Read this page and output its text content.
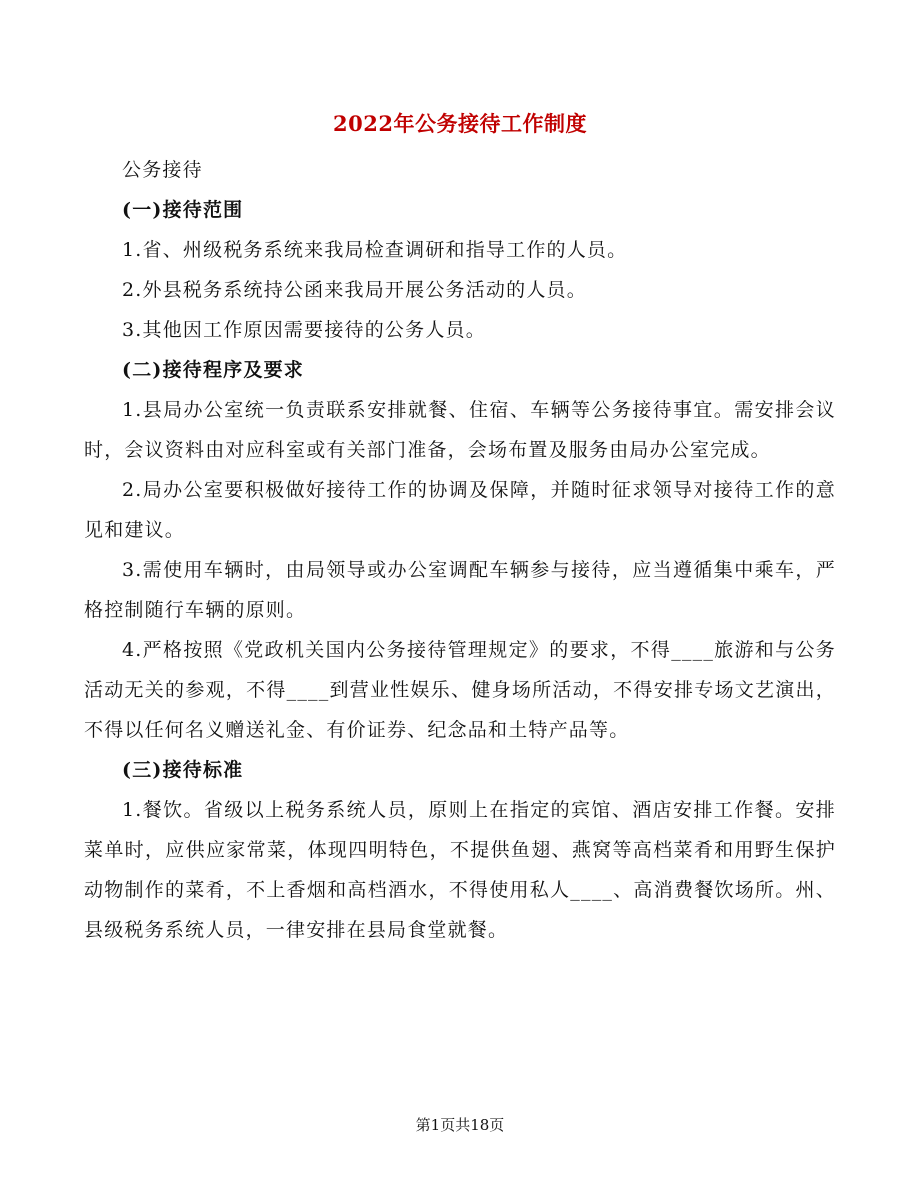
2022年公务接待工作制度

公务接待

(一)接待范围

1.省、州级税务系统来我局检查调研和指导工作的人员。

2.外县税务系统持公函来我局开展公务活动的人员。

3.其他因工作原因需要接待的公务人员。

(二)接待程序及要求

1.县局办公室统一负责联系安排就餐、住宿、车辆等公务接待事宜。需安排会议时，会议资料由对应科室或有关部门准备，会场布置及服务由局办公室完成。

2.局办公室要积极做好接待工作的协调及保障，并随时征求领导对接待工作的意见和建议。

3.需使用车辆时，由局领导或办公室调配车辆参与接待，应当遵循集中乘车，严格控制随行车辆的原则。

4.严格按照《党政机关国内公务接待管理规定》的要求，不得____旅游和与公务活动无关的参观，不得____到营业性娱乐、健身场所活动，不得安排专场文艺演出，不得以任何名义赠送礼金、有价证券、纪念品和土特产品等。

(三)接待标准

1.餐饮。省级以上税务系统人员，原则上在指定的宾馆、酒店安排工作餐。安排菜单时，应供应家常菜，体现四明特色，不提供鱼翅、燕窝等高档菜肴和用野生保护动物制作的菜肴，不上香烟和高档酒水，不得使用私人____、高消费餐饮场所。州、县级税务系统人员，一律安排在县局食堂就餐。

第1页共18页
